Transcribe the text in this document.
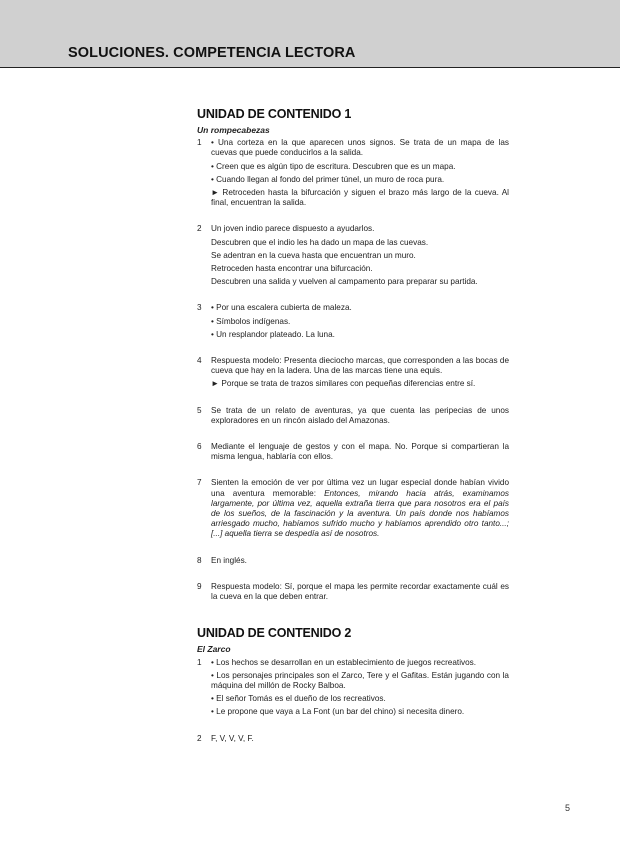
SOLUCIONES. COMPETENCIA LECTORA
UNIDAD DE CONTENIDO 1
Un rompecabezas
1	• Una corteza en la que aparecen unos signos. Se trata de un mapa de las cuevas que puede conducirlos a la salida.
• Creen que es algún tipo de escritura. Descubren que es un mapa.
• Cuando llegan al fondo del primer túnel, un muro de roca pura.
► Retroceden hasta la bifurcación y siguen el brazo más largo de la cueva. Al final, encuentran la salida.
2	Un joven indio parece dispuesto a ayudarlos.
Descubren que el indio les ha dado un mapa de las cuevas.
Se adentran en la cueva hasta que encuentran un muro.
Retroceden hasta encontrar una bifurcación.
Descubren una salida y vuelven al campamento para preparar su partida.
3	• Por una escalera cubierta de maleza.
• Símbolos indígenas.
• Un resplandor plateado. La luna.
4	Respuesta modelo: Presenta dieciocho marcas, que corresponden a las bocas de cueva que hay en la ladera. Una de las marcas tiene una equis.
► Porque se trata de trazos similares con pequeñas diferencias entre sí.
5	Se trata de un relato de aventuras, ya que cuenta las peripecias de unos exploradores en un rincón aislado del Amazonas.
6	Mediante el lenguaje de gestos y con el mapa. No. Porque si compartieran la misma lengua, hablaría con ellos.
7	Sienten la emoción de ver por última vez un lugar especial donde habían vivido una aventura memorable: Entonces, mirando hacia atrás, examinamos largamente, por última vez, aquella extraña tierra que para nosotros era el país de los sueños, de la fascinación y la aventura. Un país donde nos habíamos arriesgado mucho, habíamos sufrido mucho y habíamos aprendido otro tanto...; [...] aquella tierra se despedía así de nosotros.
8	En inglés.
9	Respuesta modelo: Sí, porque el mapa les permite recordar exactamente cuál es la cueva en la que deben entrar.
UNIDAD DE CONTENIDO 2
El Zarco
1	• Los hechos se desarrollan en un establecimiento de juegos recreativos.
• Los personajes principales son el Zarco, Tere y el Gafitas. Están jugando con la máquina del millón de Rocky Balboa.
• El señor Tomás es el dueño de los recreativos.
• Le propone que vaya a La Font (un bar del chino) si necesita dinero.
2	F, V, V, V, F.
5
